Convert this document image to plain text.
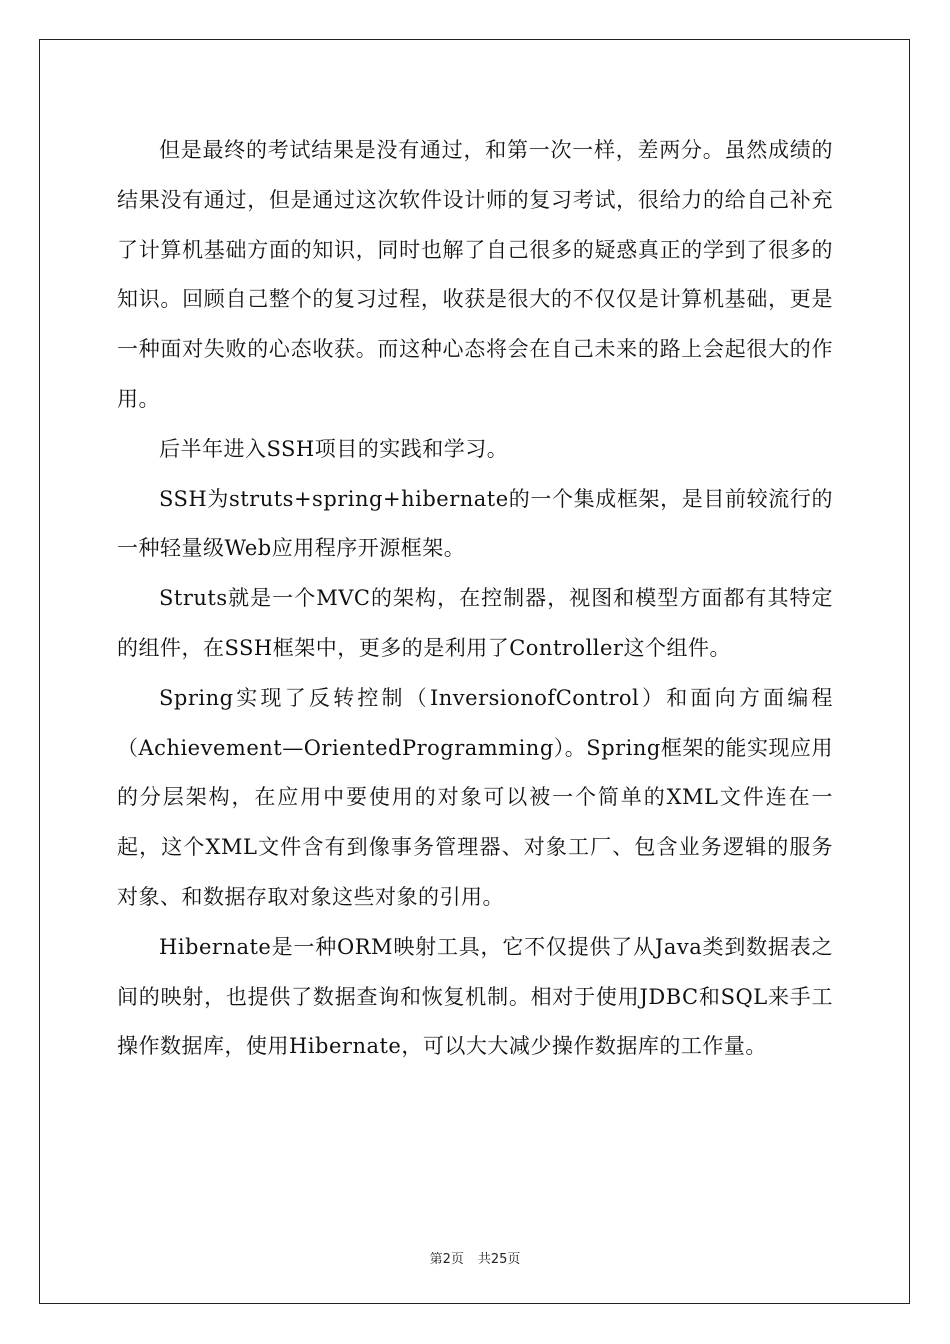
但是最终的考试结果是没有通过，和第一次一样，差两分。虽然成绩的结果没有通过，但是通过这次软件设计师的复习考试，很给力的给自己补充了计算机基础方面的知识，同时也解了自己很多的疑惑真正的学到了很多的知识。回顾自己整个的复习过程，收获是很大的不仅仅是计算机基础，更是一种面对失败的心态收获。而这种心态将会在自己未来的路上会起很大的作用。

后半年进入SSH项目的实践和学习。

SSH为struts+spring+hibernate的一个集成框架，是目前较流行的一种轻量级Web应用程序开源框架。

Struts就是一个MVC的架构，在控制器，视图和模型方面都有其特定的组件，在SSH框架中，更多的是利用了Controller这个组件。

Spring实现了反转控制（InversionofControl）和面向方面编程（Achievement—OrientedProgramming）。Spring框架的能实现应用的分层架构，在应用中要使用的对象可以被一个简单的XML文件连在一起，这个XML文件含有到像事务管理器、对象工厂、包含业务逻辑的服务对象、和数据存取对象这些对象的引用。

Hibernate是一种ORM映射工具，它不仅提供了从Java类到数据表之间的映射，也提供了数据查询和恢复机制。相对于使用JDBC和SQL来手工操作数据库，使用Hibernate，可以大大减少操作数据库的工作量。

第2页 共25页
